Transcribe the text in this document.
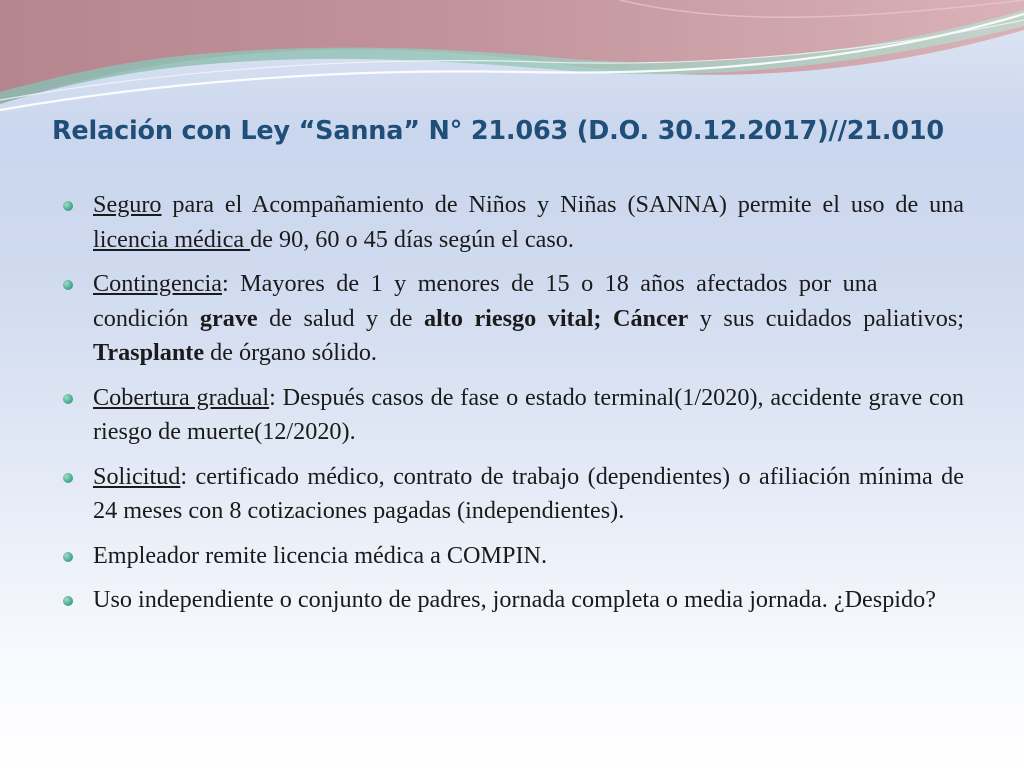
Relación con Ley “Sanna” N° 21.063 (D.O. 30.12.2017)//21.010
Seguro para el Acompañamiento de Niños y Niñas (SANNA) permite el uso de una licencia médica de 90, 60 o 45 días según el caso.
Contingencia: Mayores de 1 y menores de 15 o 18 años afectados por una condición grave de salud y de alto riesgo vital; Cáncer y sus cuidados paliativos; Trasplante de órgano sólido.
Cobertura gradual: Después casos de fase o estado terminal(1/2020), accidente grave con riesgo de muerte(12/2020).
Solicitud: certificado médico, contrato de trabajo (dependientes) o afiliación mínima de 24 meses con 8 cotizaciones pagadas (independientes).
Empleador remite licencia médica a COMPIN.
Uso independiente o conjunto de padres, jornada completa o media jornada. ¿Despido?
